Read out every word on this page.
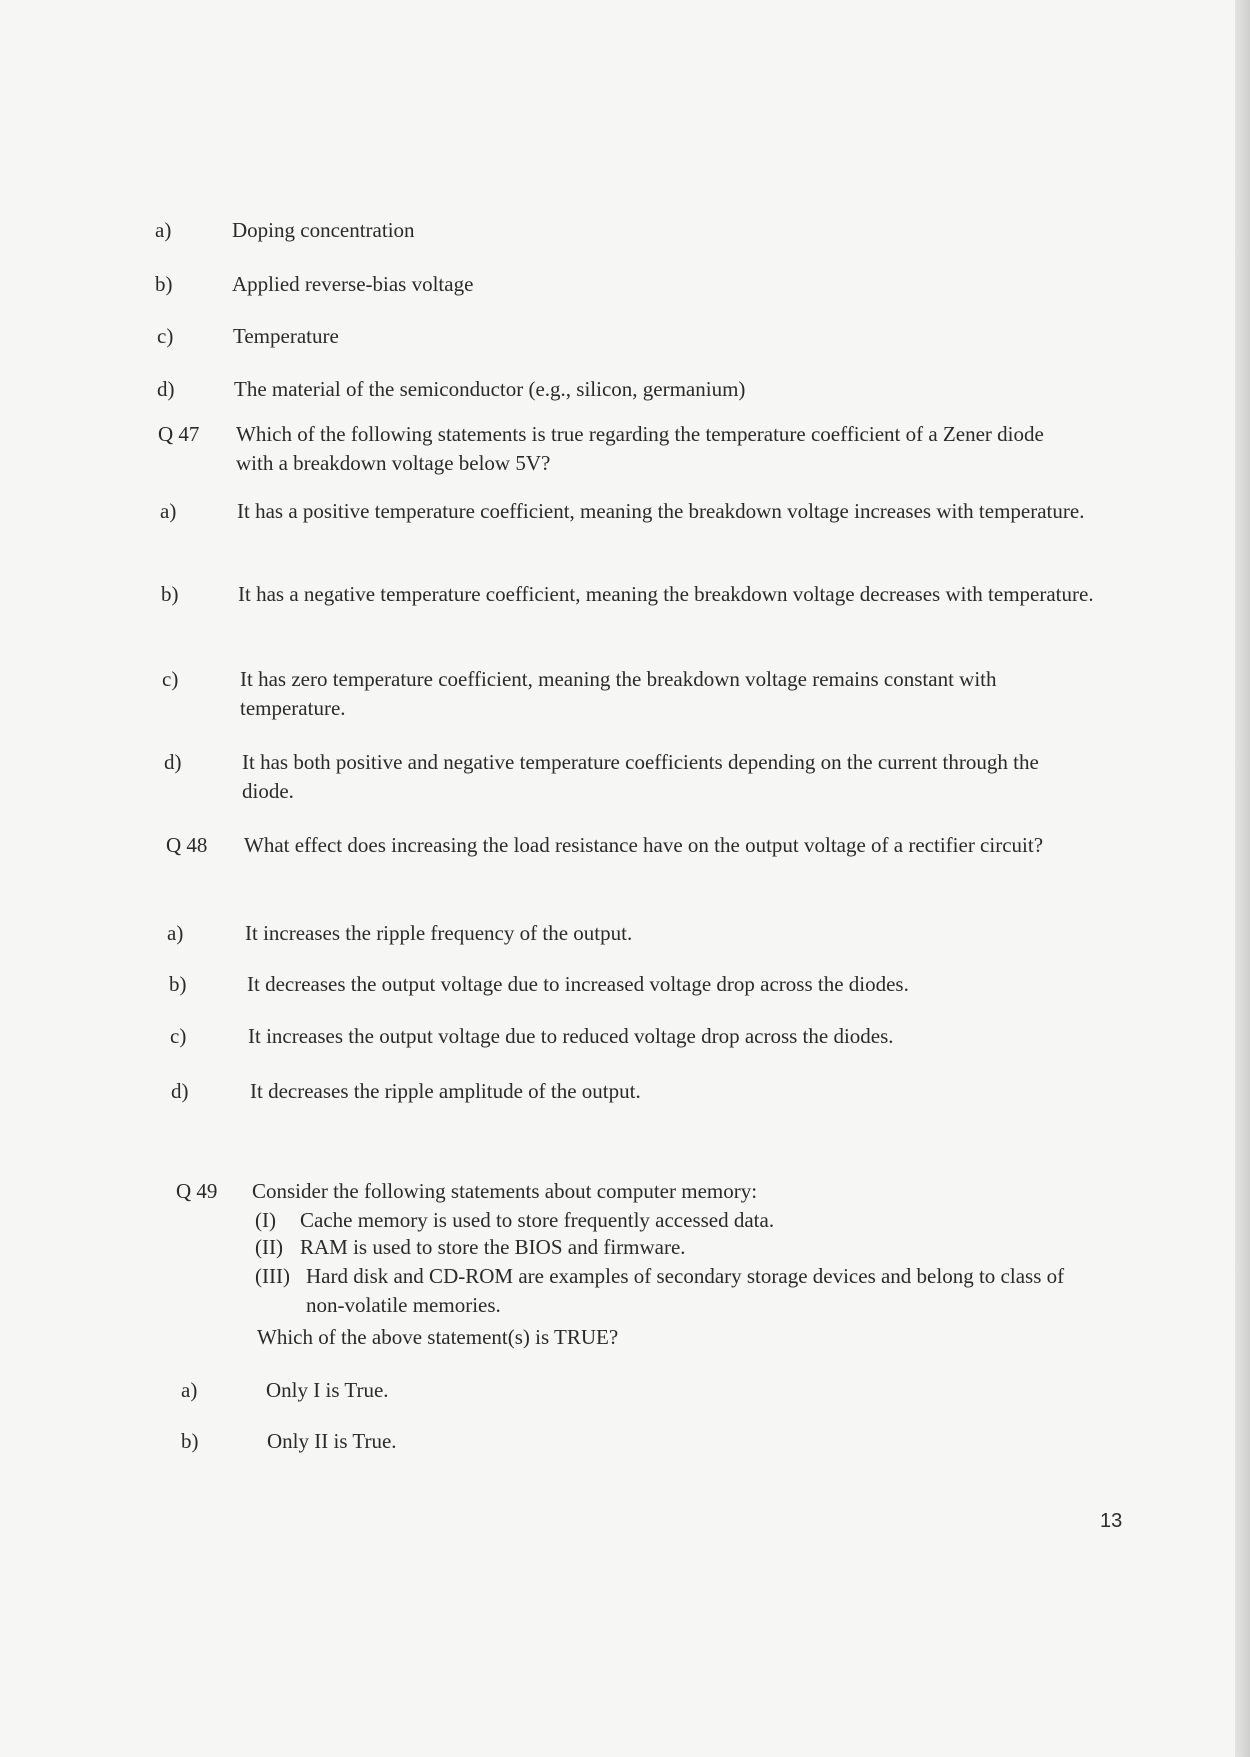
a)	Doping concentration
b)	Applied reverse-bias voltage
c)	Temperature
d)	The material of the semiconductor (e.g., silicon, germanium)
Q 47	Which of the following statements is true regarding the temperature coefficient of a Zener diode with a breakdown voltage below 5V?
a)	It has a positive temperature coefficient, meaning the breakdown voltage increases with temperature.
b)	It has a negative temperature coefficient, meaning the breakdown voltage decreases with temperature.
c)	It has zero temperature coefficient, meaning the breakdown voltage remains constant with temperature.
d)	It has both positive and negative temperature coefficients depending on the current through the diode.
Q 48	What effect does increasing the load resistance have on the output voltage of a rectifier circuit?
a)	It increases the ripple frequency of the output.
b)	It decreases the output voltage due to increased voltage drop across the diodes.
c)	It increases the output voltage due to reduced voltage drop across the diodes.
d)	It decreases the ripple amplitude of the output.
Q 49	Consider the following statements about computer memory:
(I) Cache memory is used to store frequently accessed data.
(II) RAM is used to store the BIOS and firmware.
(III) Hard disk and CD-ROM are examples of secondary storage devices and belong to class of non-volatile memories.
Which of the above statement(s) is TRUE?
a)	Only I is True.
b)	Only II is True.
13
